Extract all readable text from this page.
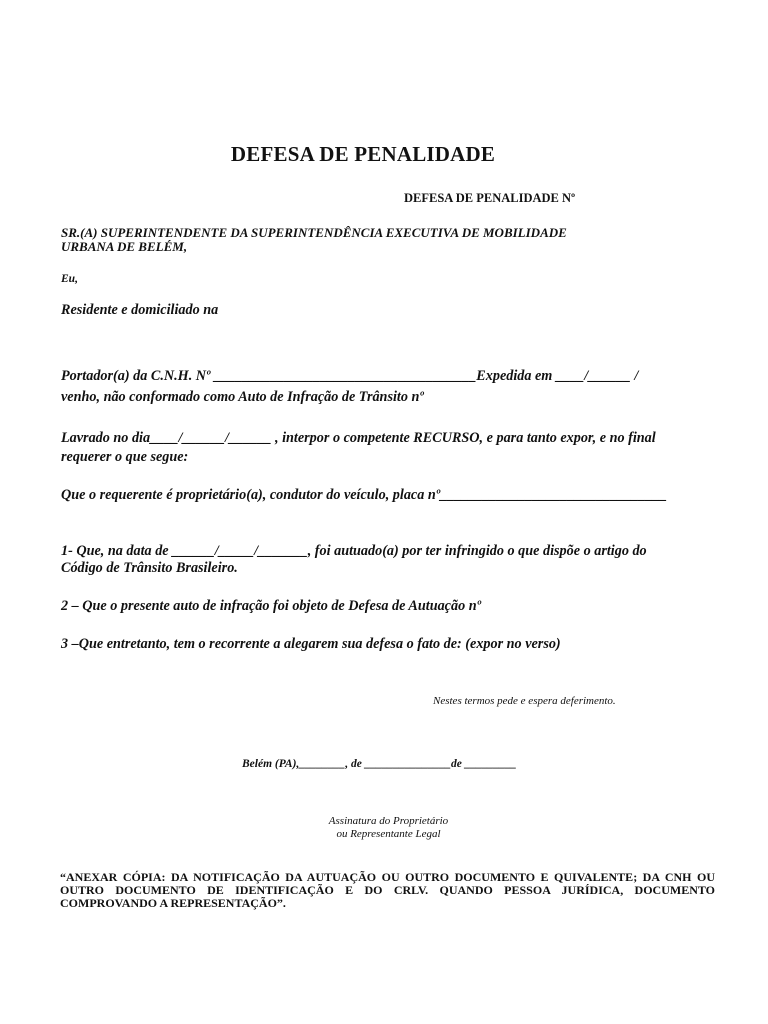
DEFESA DE PENALIDADE
DEFESA DE PENALIDADE Nº
SR.(A) SUPERINTENDENTE DA SUPERINTENDÊNCIA EXECUTIVA DE MOBILIDADE URBANA DE BELÉM,
Eu,
Residente e domiciliado na
Portador(a) da C.N.H. Nº _____________________________________Expedida em ____/______ /
venho, não conformado como Auto de Infração de Trânsito nº
Lavrado no dia____/______/______ , interpor o competente RECURSO, e para tanto expor, e no final
requerer o que segue:
Que o requerente é proprietário(a), condutor do veículo, placa nº________________________________
1- Que, na data de ______/_____/_______, foi autuado(a) por ter infringido o que dispõe o artigo do
Código de Trânsito Brasileiro.
2 – Que o presente auto de infração foi objeto de Defesa de Autuação nº
3 –Que entretanto, tem o recorrente a alegarem sua defesa o fato de: (expor no verso)
Nestes termos pede e espera deferimento.
Belém (PA),________, de _______________de _________
Assinatura do Proprietário
ou Representante Legal
“ANEXAR CÓPIA: DA NOTIFICAÇÃO DA AUTUAÇÃO OU OUTRO DOCUMENTO E QUIVALENTE; DA CNH OU OUTRO DOCUMENTO DE IDENTIFICAÇÃO E DO CRLV. QUANDO PESSOA JURÍDICA, DOCUMENTO COMPROVANDO A REPRESENTAÇÃO”.
